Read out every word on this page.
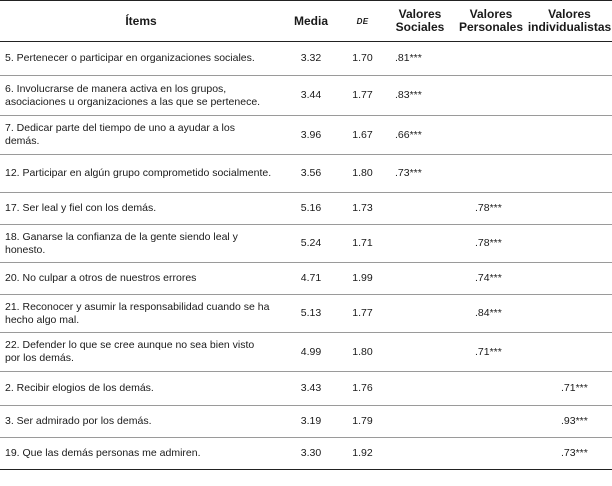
Ítems	Media	DE	Valores Sociales	Valores Personales	Valores individualistas
5. Pertenecer o participar en organizaciones sociales.	3.32	1.70	.81***		
6. Involucrarse de manera activa en los grupos, asociaciones u organizaciones a las que se pertenece.	3.44	1.77	.83***		
7. Dedicar parte del tiempo de uno a ayudar a los demás.	3.96	1.67	.66***		
12. Participar en algún grupo comprometido socialmente.	3.56	1.80	.73***		
17. Ser leal y fiel con los demás.	5.16	1.73		.78***	
18. Ganarse la confianza de la gente siendo leal y honesto.	5.24	1.71		.78***	
20. No culpar a otros de nuestros errores	4.71	1.99		.74***	
21. Reconocer y asumir la responsabilidad cuando se ha hecho algo mal.	5.13	1.77		.84***	
22. Defender lo que se cree aunque no sea bien visto por los demás.	4.99	1.80		.71***	
2. Recibir elogios de los demás.	3.43	1.76			.71***
3. Ser admirado por los demás.	3.19	1.79			.93***
19. Que las demás personas me admiren.	3.30	1.92			.73***
